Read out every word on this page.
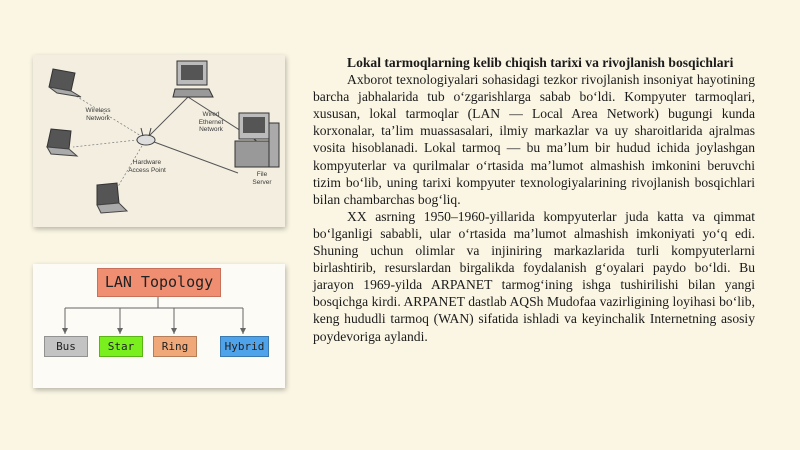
Wireless
Network	Wired
Ethernet
Network
Hardware
Access Point
File
Server
LAN Topology
Bus	Star	Ring	Hybrid
Lokal tarmoqlarning kelib chiqish tarixi va rivojlanish bosqichlari

Axborot texnologiyalari sohasidagi tezkor rivojlanish insoniyat hayotining barcha jabhalarida tub o‘zgarishlarga sabab bo‘ldi. Kompyuter tarmoqlari, xususan, lokal tarmoqlar (LAN — Local Area Network) bugungi kunda korxonalar, ta’lim muassasalari, ilmiy markazlar va uy sharoitlarida ajralmas vosita hisoblanadi. Lokal tarmoq — bu ma’lum bir hudud ichida joylashgan kompyuterlar va qurilmalar o‘rtasida ma’lumot almashish imkonini beruvchi tizim bo‘lib, uning tarixi kompyuter texnologiyalarining rivojlanish bosqichlari bilan chambarchas bog‘liq.

XX asrning 1950–1960-yillarida kompyuterlar juda katta va qimmat bo‘lganligi sababli, ular o‘rtasida ma’lumot almashish imkoniyati yo‘q edi. Shuning uchun olimlar va injiniring markazlarida turli kompyuterlarni birlashtirib, resurslardan birgalikda foydalanish g‘oyalari paydo bo‘ldi. Bu jarayon 1969-yilda ARPANET tarmog‘ining ishga tushirilishi bilan yangi bosqichga kirdi. ARPANET dastlab AQSh Mudofaa vazirligining loyihasi bo‘lib, keng hududli tarmoq (WAN) sifatida ishladi va keyinchalik Internetning asosiy poydevoriga aylandi.
